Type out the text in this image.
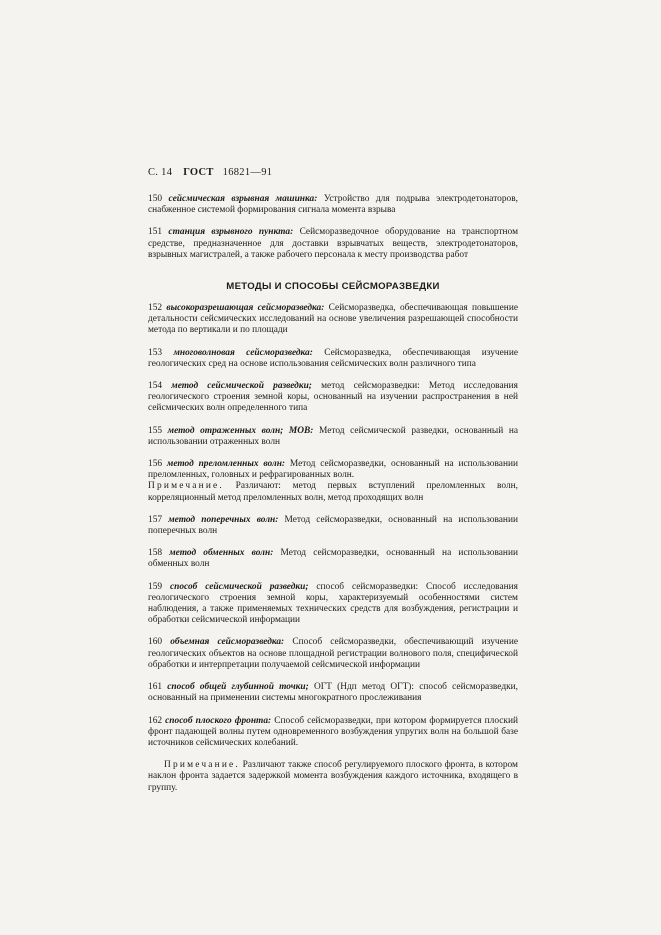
С. 14 ГОСТ 16821—91
150 сейсмическая взрывная машинка: Устройство для подрыва электродетонаторов, снабженное системой формирования сигнала момента взрыва
151 станция взрывного пункта: Сейсморазведочное оборудование на транспортном средстве, предназначенное для доставки взрывчатых веществ, электродетонаторов, взрывных магистралей, а также рабочего персонала к месту производства работ
МЕТОДЫ И СПОСОБЫ СЕЙСМОРАЗВЕДКИ
152 высокоразрешающая сейсморазведка: Сейсморазведка, обеспечивающая повышение детальности сейсмических исследований на основе увеличения разрешающей способности метода по вертикали и по площади
153 многоволновая сейсморазведка: Сейсморазведка, обеспечивающая изучение геологических сред на основе использования сейсмических волн различного типа
154 метод сейсмической разведки; метод сейсморазведки: Метод исследования геологического строения земной коры, основанный на изучении распространения в ней сейсмических волн определенного типа
155 метод отраженных волн; МОВ: Метод сейсмической разведки, основанный на использовании отраженных волн
156 метод преломленных волн: Метод сейсморазведки, основанный на использовании преломленных, головных и рефрагированных волн.
Примечание. Различают: метод первых вступлений преломленных волн, корреляционный метод преломленных волн, метод проходящих волн
157 метод поперечных волн: Метод сейсморазведки, основанный на использовании поперечных волн
158 метод обменных волн: Метод сейсморазведки, основанный на использовании обменных волн
159 способ сейсмической разведки; способ сейсморазведки: Способ исследования геологического строения земной коры, характеризуемый особенностями систем наблюдения, а также применяемых технических средств для возбуждения, регистрации и обработки сейсмической информации
160 объемная сейсморазведка: Способ сейсморазведки, обеспечивающий изучение геологических объектов на основе площадной регистрации волнового поля, специфической обработки и интерпретации получаемой сейсмической информации
161 способ общей глубинной точки; ОГТ (Ндп метод ОГТ): способ сейсморазведки, основанный на применении системы многократного прослеживания
162 способ плоского фронта: Способ сейсморазведки, при котором формируется плоский фронт падающей волны путем одновременного возбуждения упругих волн на большой базе источников сейсмических колебаний.
Примечание. Различают также способ регулируемого плоского фронта, в котором наклон фронта задается задержкой момента возбуждения каждого источника, входящего в группу.
